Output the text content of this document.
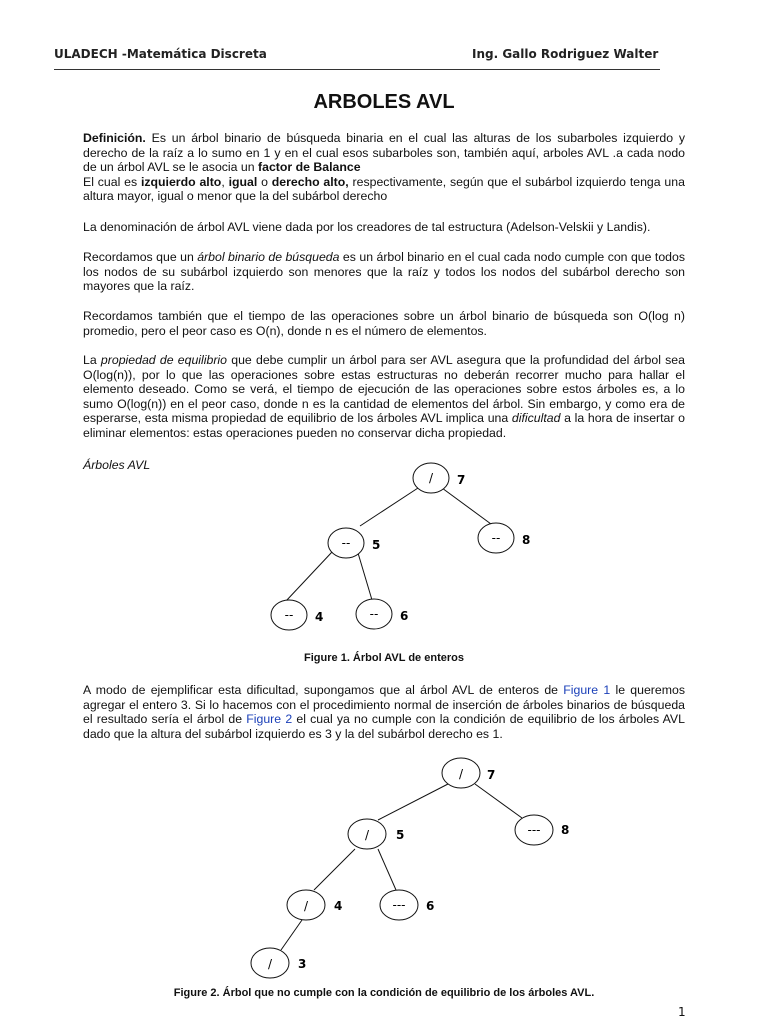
ULADECH -Matemática Discreta	Ing. Gallo Rodriguez Walter
ARBOLES AVL

Definición. Es un árbol binario de búsqueda binaria en el cual las alturas de los subarboles izquierdo y derecho de la raíz a lo sumo en 1 y en el cual esos subarboles son, también aquí, arboles AVL .a cada nodo de un árbol AVL se le asocia un factor de Balance
El cual es izquierdo alto, igual o derecho alto, respectivamente, según que el subárbol izquierdo tenga una altura mayor, igual o menor que la del subárbol derecho

La denominación de árbol AVL viene dada por los creadores de tal estructura (Adelson-Velskii y Landis).

Recordamos que un árbol binario de búsqueda es un árbol binario en el cual cada nodo cumple con que todos los nodos de su subárbol izquierdo son menores que la raíz y todos los nodos del subárbol derecho son mayores que la raíz.

Recordamos también que el tiempo de las operaciones sobre un árbol binario de búsqueda son O(log n) promedio, pero el peor caso es O(n), donde n es el número de elementos.

La propiedad de equilibrio que debe cumplir un árbol para ser AVL asegura que la profundidad del árbol sea O(log(n)), por lo que las operaciones sobre estas estructuras no deberán recorrer mucho para hallar el elemento deseado. Como se verá, el tiempo de ejecución de las operaciones sobre estos árboles es, a lo sumo O(log(n)) en el peor caso, donde n es la cantidad de elementos del árbol. Sin embargo, y como era de esperarse, esta misma propiedad de equilibrio de los árboles AVL implica una dificultad a la hora de insertar o eliminar elementos: estas operaciones pueden no conservar dicha propiedad.

Árboles AVL
/ 7
-- 5	-- 8
-- 4	-- 6
Figure 1. Árbol AVL de enteros

A modo de ejemplificar esta dificultad, supongamos que al árbol AVL de enteros de Figure 1 le queremos agregar el entero 3. Si lo hacemos con el procedimiento normal de inserción de árboles binarios de búsqueda el resultado sería el árbol de Figure 2 el cual ya no cumple con la condición de equilibrio de los árboles AVL dado que la altura del subárbol izquierdo es 3 y la del subárbol derecho es 1.

/ 7
/ 5	--- 8
/ 4	--- 6
/ 3
Figure 2. Árbol que no cumple con la condición de equilibrio de los árboles AVL.
1
